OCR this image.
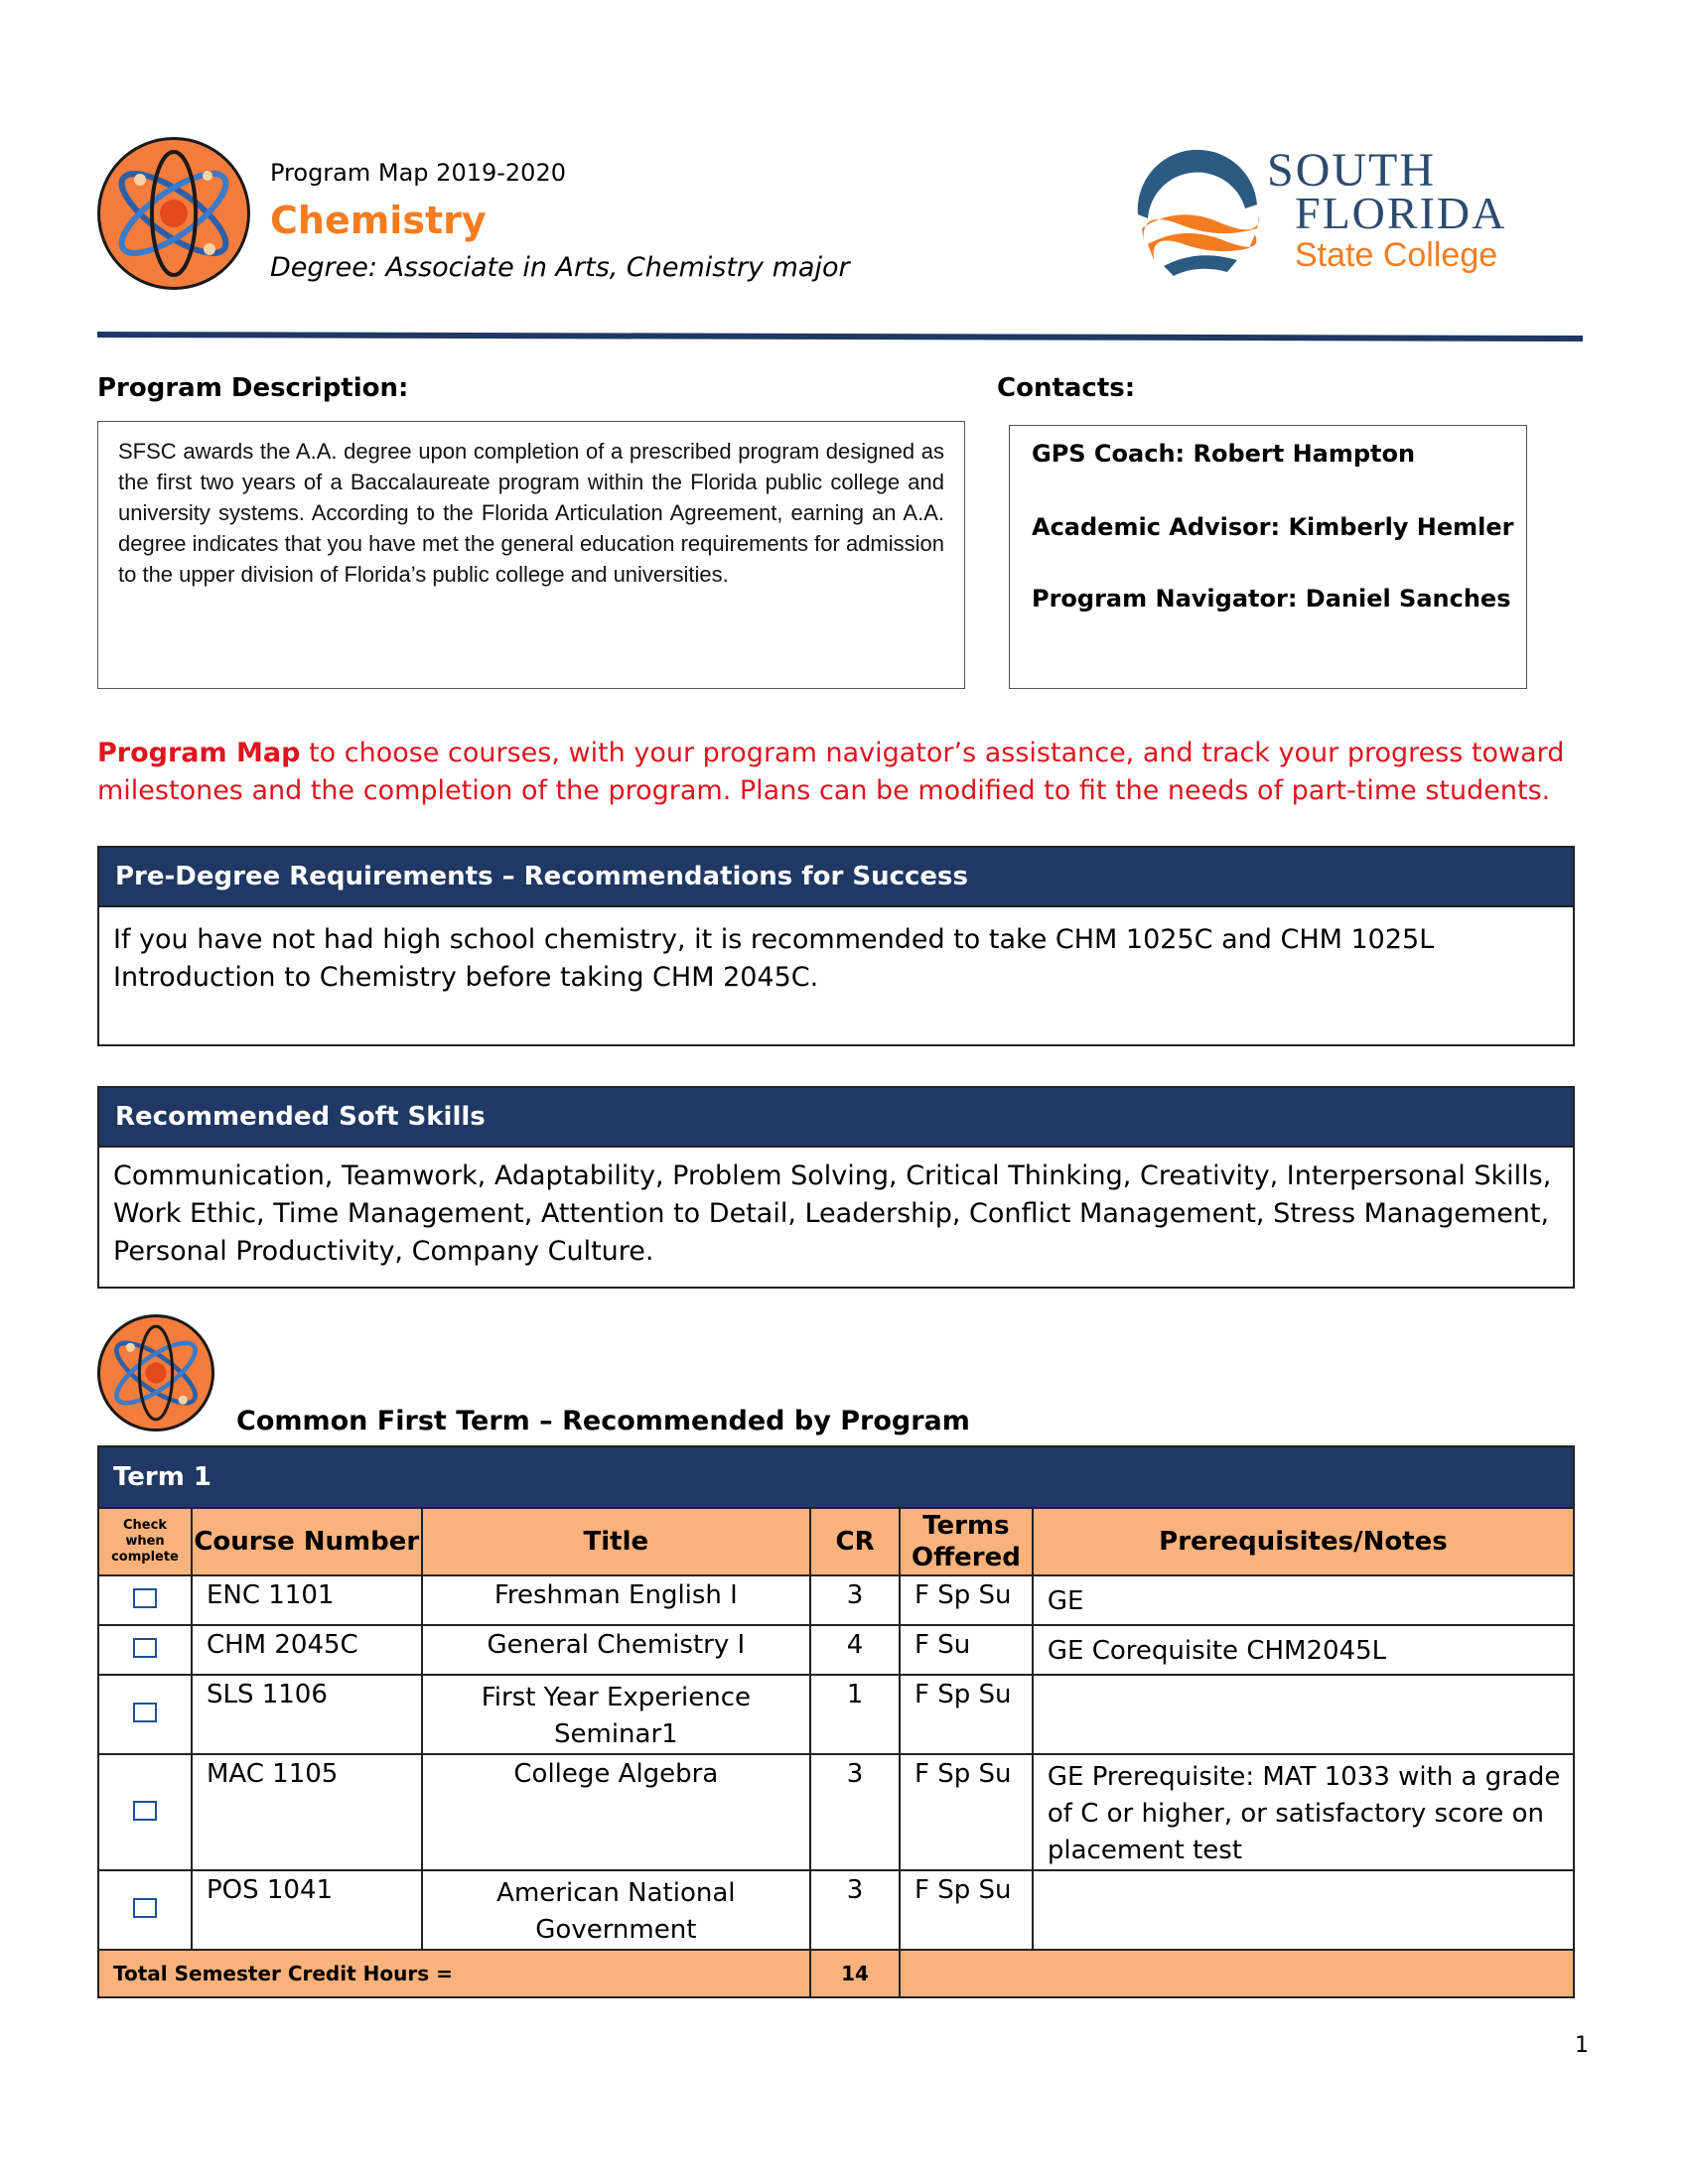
Program Map 2019-2020
Chemistry
Degree: Associate in Arts, Chemistry major
SOUTH
FLORIDA
State College
Program Description:
SFSC awards the A.A. degree upon completion of a prescribed program designed as the first two years of a Baccalaureate program within the Florida public college and university systems. According to the Florida Articulation Agreement, earning an A.A. degree indicates that you have met the general education requirements for admission to the upper division of Florida’s public college and universities.
Contacts:
GPS Coach: Robert Hampton
Academic Advisor: Kimberly Hemler
Program Navigator: Daniel Sanches
Program Map to choose courses, with your program navigator’s assistance, and track your progress toward milestones and the completion of the program. Plans can be modified to fit the needs of part-time students.
Pre-Degree Requirements – Recommendations for Success
If you have not had high school chemistry, it is recommended to take CHM 1025C and CHM 1025L Introduction to Chemistry before taking CHM 2045C.
Recommended Soft Skills
Communication, Teamwork, Adaptability, Problem Solving, Critical Thinking, Creativity, Interpersonal Skills, Work Ethic, Time Management, Attention to Detail, Leadership, Conflict Management, Stress Management, Personal Productivity, Company Culture.
Common First Term – Recommended by Program
Term 1					
Check when complete	Course Number	Title	CR	Terms Offered	Prerequisites/Notes
	ENC 1101	Freshman English I	3	F Sp Su	GE
	CHM 2045C	General Chemistry I	4	F Su	GE Corequisite CHM2045L
	SLS 1106	First Year Experience Seminar1	1	F Sp Su	
	MAC 1105	College Algebra	3	F Sp Su	GE Prerequisite: MAT 1033 with a grade of C or higher, or satisfactory score on placement test
	POS 1041	American National Government	3	F Sp Su	
Total Semester Credit Hours =			14		
1
